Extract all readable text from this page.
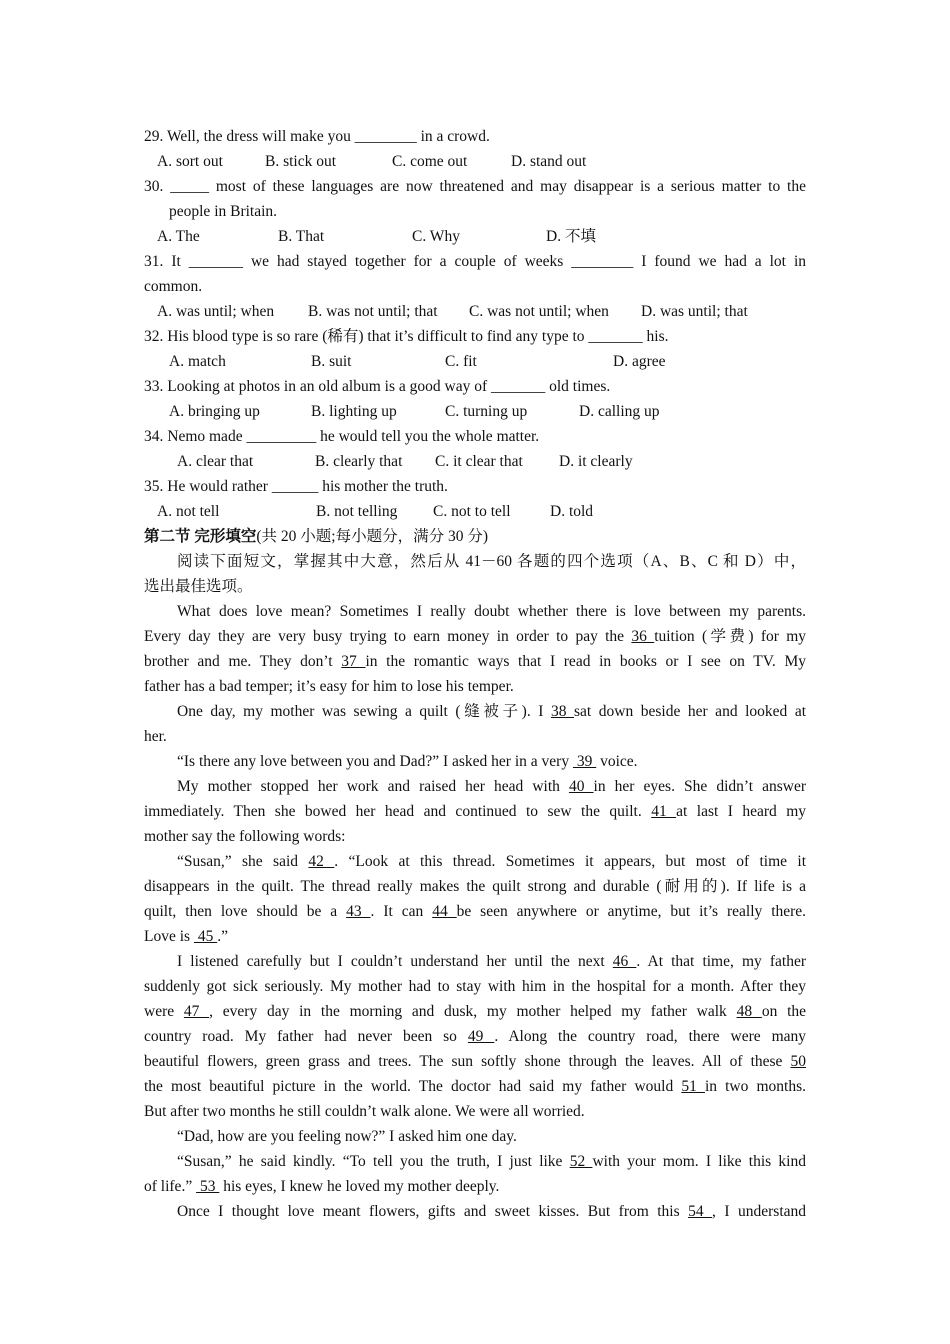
29. Well, the dress will make you ________ in a crowd.
A. sort out	B. stick out	C. come out	D. stand out
30. _____ most of these languages are now threatened and may disappear is a serious matter to the
people in Britain.
A. The	B. That	C. Why	D. 不填
31. It _______ we had stayed together for a couple of weeks ________ I found we had a lot in
common.
A. was until; when B. was not until; that C. was not until; when D. was until; that
32. His blood type is so rare (稀有) that it’s difficult to find any type to _______ his.
A. match	B. suit	C. fit	D. agree
33. Looking at photos in an old album is a good way of _______ old times.
A. bringing up	B. lighting up	C. turning up	D. calling up
34. Nemo made _________ he would tell you the whole matter.
A. clear that	B. clearly that C. it clear that D. it clearly
35. He would rather ______ his mother the truth.
A. not tell	B. not telling C. not to tell	D. told
第二节 完形填空(共 20 小题;每小题分，满分 30 分)
阅读下面短文，掌握其中大意，然后从 41－60 各题的四个选项（A、B、C 和 D）中，
选出最佳选项。
What does love mean? Sometimes I really doubt whether there is love between my parents.
Every day they are very busy trying to earn money in order to pay the 36 tuition (学费) for my
brother and me. They don’t 37 in the romantic ways that I read in books or I see on TV. My
father has a bad temper; it’s easy for him to lose his temper.
One day, my mother was sewing a quilt (缝被子). I 38 sat down beside her and looked at
her.
“Is there any love between you and Dad?” I asked her in a very  39  voice.
My mother stopped her work and raised her head with 40 in her eyes. She didn’t answer
immediately. Then she bowed her head and continued to sew the quilt. 41 at last I heard my
mother say the following words:
“Susan,” she said 42 . “Look at this thread. Sometimes it appears, but most of time it
disappears in the quilt. The thread really makes the quilt strong and durable (耐用的). If life is a
quilt, then love should be a 43 . It can 44 be seen anywhere or anytime, but it’s really there.
Love is  45 .”
I listened carefully but I couldn’t understand her until the next 46 . At that time, my father
suddenly got sick seriously. My mother had to stay with him in the hospital for a month. After they
were 47 , every day in the morning and dusk, my mother helped my father walk 48 on the
country road. My father had never been so 49 . Along the country road, there were many
beautiful flowers, green grass and trees. The sun softly shone through the leaves. All of these 50
the most beautiful picture in the world. The doctor had said my father would 51 in two months.
But after two months he still couldn’t walk alone. We were all worried.
“Dad, how are you feeling now?” I asked him one day.
“Susan,” he said kindly. “To tell you the truth, I just like 52 with your mom. I like this kind
of life.”  53  his eyes, I knew he loved my mother deeply.
Once I thought love meant flowers, gifts and sweet kisses. But from this 54 , I understand
